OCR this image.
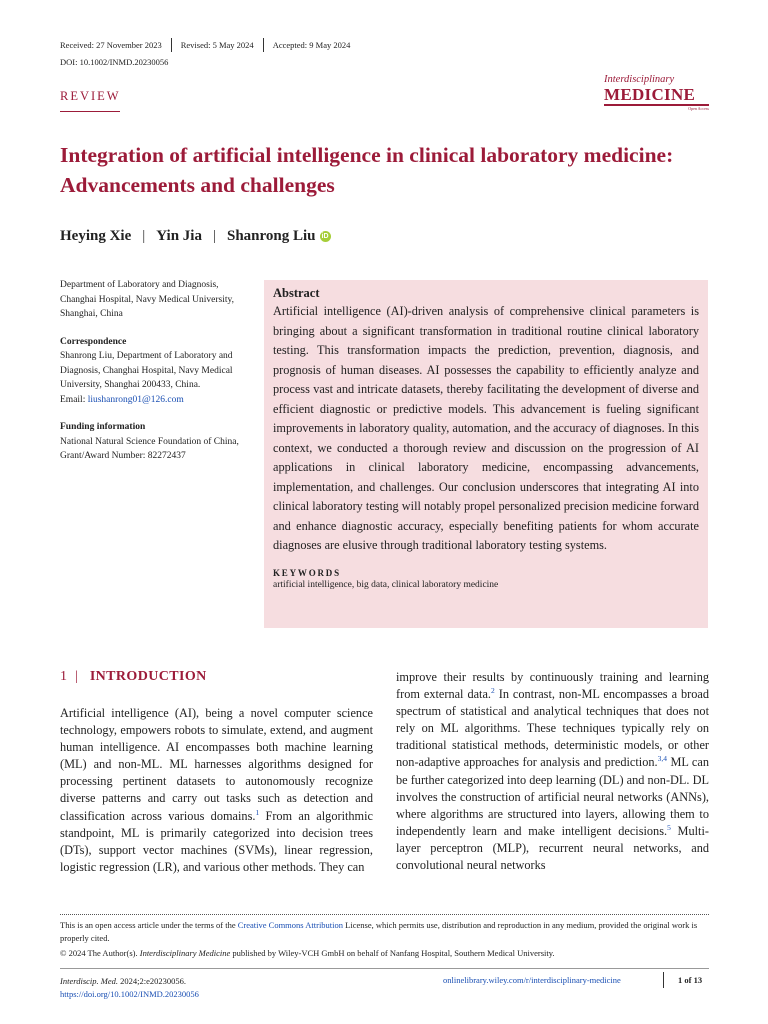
Received: 27 November 2023 Revised: 5 May 2024 Accepted: 9 May 2024
DOI: 10.1002/INMD.20230056
REVIEW
Interdisciplinary
MEDICINE
Open Access
Integration of artificial intelligence in clinical laboratory medicine: Advancements and challenges
Heying Xie | Yin Jia | Shanrong Liu iD

Department of Laboratory and Diagnosis, Changhai Hospital, Navy Medical University, Shanghai, China

Correspondence

Shanrong Liu, Department of Laboratory and Diagnosis, Changhai Hospital, Navy Medical University, Shanghai 200433, China.

Email: liushanrong01@126.com

Funding information

National Natural Science Foundation of China, Grant/Award Number: 82272437

Abstract
Artificial intelligence (AI)-driven analysis of comprehensive clinical parameters is bringing about a significant transformation in traditional routine clinical laboratory testing. This transformation impacts the prediction, prevention, diagnosis, and prognosis of human diseases. AI possesses the capability to efficiently analyze and process vast and intricate datasets, thereby facilitating the development of diverse and efficient diagnostic or predictive models. This advancement is fueling significant improvements in laboratory quality, automation, and the accuracy of diagnoses. In this context, we conducted a thorough review and discussion on the progression of AI applications in clinical laboratory medicine, encompassing advancements, implementation, and challenges. Our conclusion underscores that integrating AI into clinical laboratory testing will notably propel personalized precision medicine forward and enhance diagnostic accuracy, especially benefiting patients for whom accurate diagnoses are elusive through traditional laboratory testing systems.
KEYWORDS
artificial intelligence, big data, clinical laboratory medicine
1 | INTRODUCTION
Artificial intelligence (AI), being a novel computer science technology, empowers robots to simulate, extend, and augment human intelligence. AI encompasses both machine learning (ML) and non-ML. ML harnesses algorithms designed for processing pertinent datasets to autonomously recognize diverse patterns and carry out tasks such as detection and classification across various domains.$^1$ From an algorithmic standpoint, ML is primarily categorized into decision trees (DTs), support vector machines (SVMs), linear regression, logistic regression (LR), and various other methods. They can
improve their results by continuously training and learning from external data.$^2$ In contrast, non-ML encompasses a broad spectrum of statistical and analytical techniques that does not rely on ML algorithms. These techniques typically rely on traditional statistical methods, deterministic models, or other non-adaptive approaches for analysis and prediction.$^{3,4}$ ML can be further categorized into deep learning (DL) and non-DL. DL involves the construction of artificial neural networks (ANNs), where algorithms are structured into layers, allowing them to independently learn and make intelligent decisions.$^5$ Multi-layer perceptron (MLP), recurrent neural networks, and convolutional neural networks
This is an open access article under the terms of the Creative Commons Attribution License, which permits use, distribution and reproduction in any medium, provided the original work is properly cited.
© 2024 The Author(s). Interdisciplinary Medicine published by Wiley-VCH GmbH on behalf of Nanfang Hospital, Southern Medical University.
Interdiscip. Med. 2024;2:e20230056.
https://doi.org/10.1002/INMD.20230056
onlinelibrary.wiley.com/r/interdisciplinary-medicine	1 of 13
